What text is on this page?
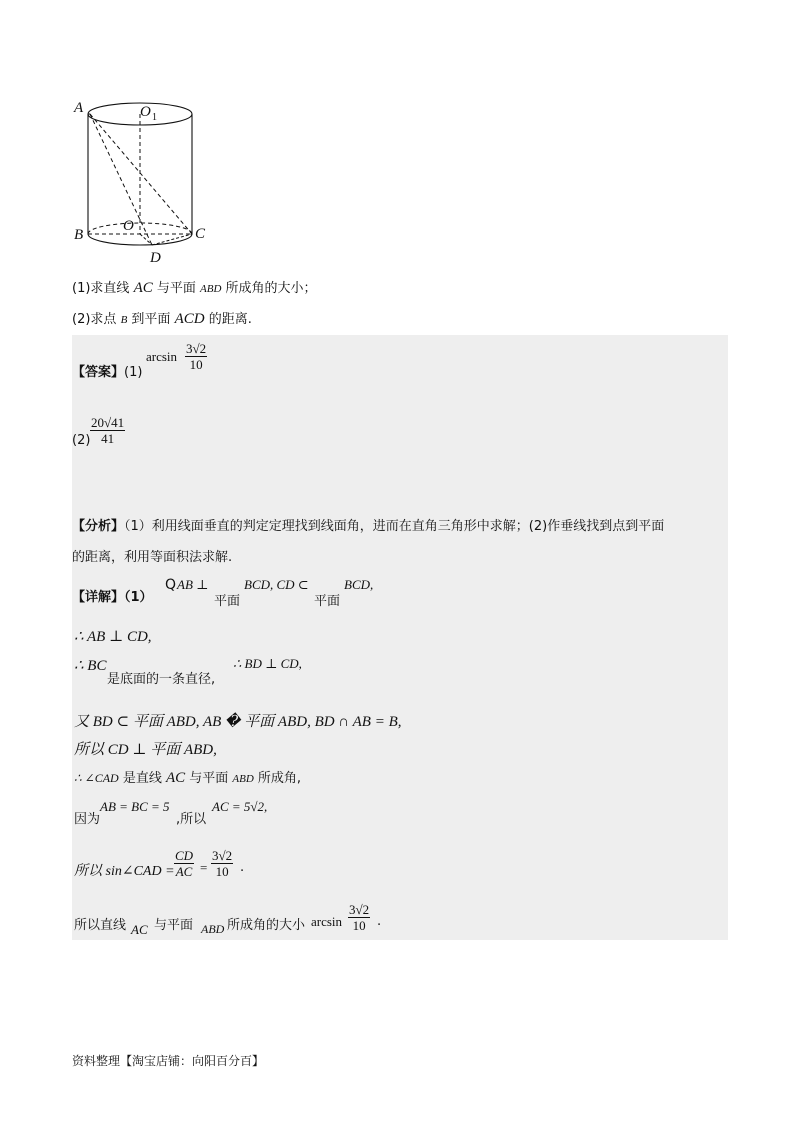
A	O 1
O
B	C
D
(1)求直线 AC 与平面 ABD 所成角的大小；
(2)求点 B 到平面 ACD 的距离.
【答案】(1)
$\arcsin \frac{3√2}{10}$
$(2) \frac{20√41}{41}$
【分析】（1）利用线面垂直的判定定理找到线面角，进而在直角三角形中求解；(2)作垂线找到点到平面
的距离，利用等面积法求解.
【详解】（1）
Q AB ⊥
平面
BCD, CD ⊂
平面
BCD,
∴ AB ⊥ CD,
∴ BC
是底面的一条直径,
∴ BD ⊥ CD,
又 BD ⊂ 平面 ABD, AB � 平面 ABD, BD ∩ AB = B,
所以 CD ⊥ 平面 ABD,
∴ ∠CAD 是直线 AC 与平面 ABD 所成角,
因为
AB = BC = 5
,所以
AC = 5√2,
所以 sin∠CAD = $\frac{CD}{AC} = \frac{3√2}{10}$ .
所以直线 AC 与平面 ABD 所成角的大小 $\arcsin \frac{3√2}{10}$ .
资料整理【淘宝店铺：向阳百分百】
